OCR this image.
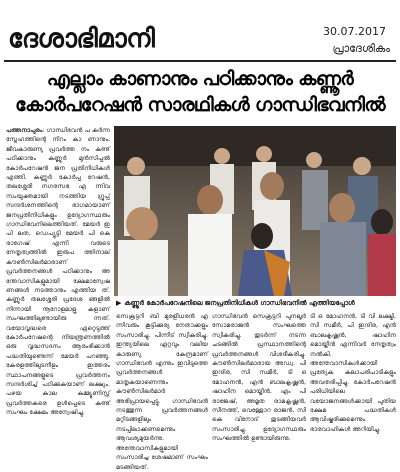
ദേശാഭിമാനി	30.07.2017
പ്രാദേശികം
എല്ലാം കാണാനും പഠിക്കാനും കണ്ണൂർ
കോർപറേഷൻ സാരഥികൾ ഗാന്ധിഭവനിൽ
പത്തനാപുരം: ഗാന്ധിഭവൻ പ കർന്ന സ്നേഹത്തിന്റെ നിറം കാ ണാനും, ജീവകാരുണ്യ പ്രവർത്ത നം കണ്ട് പഠിക്കാനും കണ്ണൂർ മുൻസിപ്പൽ കോർപറേഷൻ ജന പ്രതിനിധികൾ എത്തി. കണ്ണൂർ കോർപ്പ റേഷൻ, തലശ്ശേരി നഗരസഭ എ ന്നിവ സംയുക്തമായി നടത്തിയ ഗ്രൂപ്പ് സന്ദർശനത്തിന്റെ ഭാഗമായാണ് ജനപ്രതിനിധികളും ഉദ്യോഗസ്ഥരും ഗാന്ധിഭവനിലെത്തിയത്. മേയർ ഇ പി ലത, ഡെപ്യൂട്ടി മേയർ പി കെ രാഗേഷ് എന്നി വരുടെ നേതൃത്വത്തിൽ ഇരുപ ത്തിനാല് കൗൺസിലർമാരാണ് പ്രവർത്തനങ്ങൾ പഠിക്കാനും അ ന്തേവാസികളുമായി ക്ഷേമാന്വേഷ ണങ്ങൾ നടത്താനും എത്തിയ ത്. കണ്ണൂർ തലശ്ശേരി പ്രദേശ ങ്ങളിൽ നിന്നായി നൂറോളമാളു കളാണ് സംഘത്തിലുണ്ടായിരു ന്നത്. വയോവൃദ്ധരെ ഏറ്റെടുത്ത് കോർപറേഷന്റെ നിയന്ത്രണത്തിൽ ഒരു വൃദ്ധസദനം ആരംഭിക്കാൻ പദ്ധതിയുണ്ടെന്ന് മേയർ പറഞ്ഞു. കേരളത്തിലുടനീളം ഇത്തരം സ്ഥാപനങ്ങളുടെ പ്രവർത്തനം സന്ദർശിച്ച് പഠിക്കുകയാണ് ലക്ഷ്യം. പഴയ കാല കമ്മ്യൂണിസ്റ്റ് പ്രവർത്തകരെ ഉൾപ്പെടെ കണ്ട് സംഘം ക്ഷേമം അന്വേഷിച്ചു.
▶ കണ്ണൂർ കോർപറേഷനിലെ ജനപ്രതിനിധികൾ ഗാന്ധിഭവനിൽ എത്തിയപ്പോൾ
സെക്രട്ടറി ബി മുരളീധരൻ എ ന്നിവരും കൂട്ടിക്കുര്യ നേതാക്കളും സംസാരിച്ചു. പിന്നീട് സ്വീകരിച്ചു. ഇന്ത്യയിലെ ഏറ്റവും വലിയ കാരുണ്യ കേന്ദ്രമാണ് ഗാന്ധിഭവൻ എന്നും ഇവിടുത്തെ പ്രവർത്തനങ്ങൾ മാതൃകയാണെന്നും കൗൺസിലർമാർ അഭിപ്രായപ്പെട്ടു. ഗാന്ധിഭവൻ നടത്തുന്ന പ്രവർത്തനങ്ങൾ മറ്റിടങ്ങളിലും നടപ്പിലാക്കണമെന്നും ആവശ്യമുയർന്നു. അന്തേവാസികളുമായി സംസാരിച്ച ശേഷമാണ് സംഘം മടങ്ങിയത്.
ഗാന്ധിഭവൻ സെക്രട്ടറി പുനലൂർ സോമരാജൻ സംഘത്തെ സ്വീകരിച്ചു. തുടർന്ന് നടന്ന ചടങ്ങിൽ പ്രസ്ഥാനത്തിന്റെ പ്രവർത്തനങ്ങൾ വിശദീകരിച്ചു. കൗൺസിലർമാരായ അഡ്വ. പി ഇന്ദിര, സി സമീർ, ടി ഒ മോഹനൻ, എൻ ബാലകൃഷ്ണൻ, ഷാഹിന മൊയ്തീൻ, എം പി രാജേഷ്, അമൃത രാമകൃഷ്ണൻ, സീനത്ത്, വെള്ളോറ രാജൻ, സി കെ വിനോദ് തുടങ്ങിയവർ സംസാരിച്ചു. ഉദ്യോഗസ്ഥരും സംഘത്തിൽ ഉണ്ടായിരുന്നു.
ടി ഒ മോഹനൻ, ടി വി ലക്ഷ്മി, സി സമീർ, പി ഇന്ദിര, എൻ ബാലകൃഷ്ണൻ, ഷാഹിന മൊയ്തീൻ എന്നിവർ നേതൃത്വം നൽകി. അന്തേവാസികൾക്കായി പ്രത്യേക കലാപരിപാടികളും അവതരിപ്പിച്ചു. കോർപറേഷൻ പരിധിയിലെ വയോജനങ്ങൾക്കായി പുതിയ ക്ഷേമ പദ്ധതികൾ ആവിഷ്കരിക്കുമെന്നും ഭാരവാഹികൾ അറിയിച്ചു.
